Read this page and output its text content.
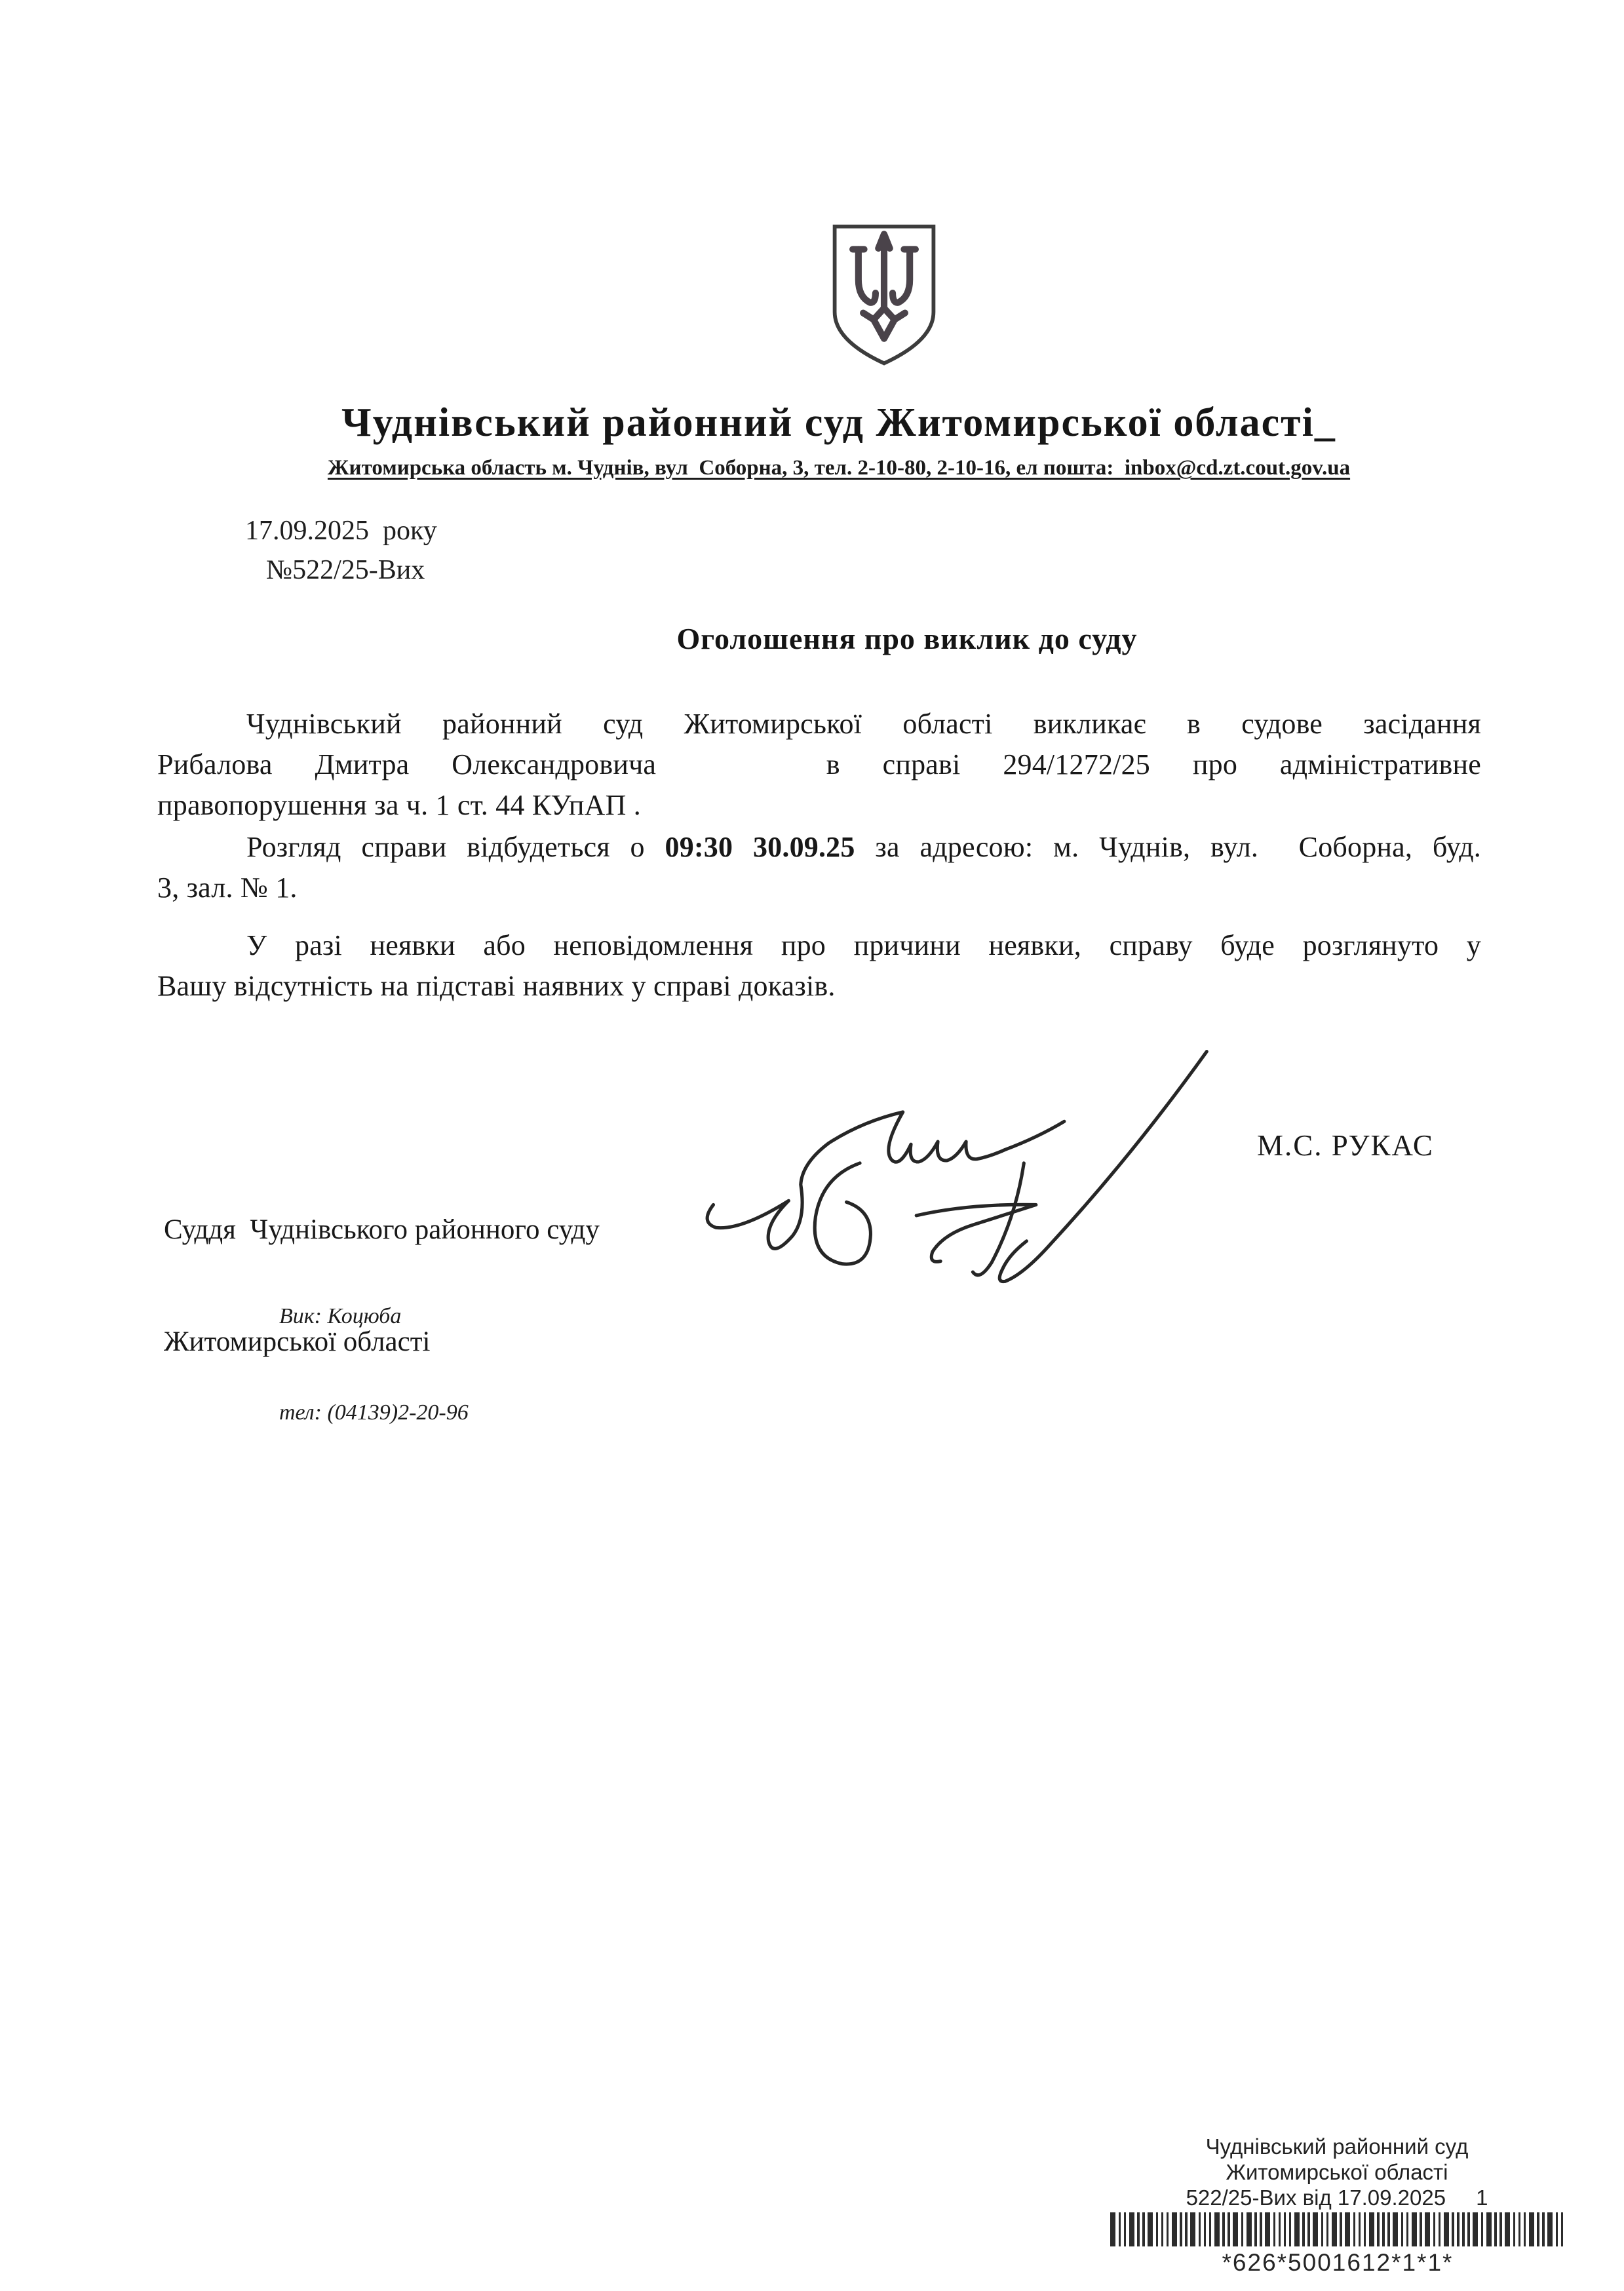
Чуднівський районний суд Житомирської області_
Житомирська область м. Чуднів, вул  Соборна, 3, тел. 2-10-80, 2-10-16, ел пошта:  inbox@cd.zt.cout.gov.ua
17.09.2025  року
№522/25-Вих
Оголошення про виклик до суду
Чуднівський районний суд Житомирської області викликає в судове засідання
Рибалова Дмитра Олександровича    в справі 294/1272/25 про адміністративне
правопорушення за ч. 1 ст. 44 КУпАП .
Розгляд справи відбудеться о 09:30 30.09.25 за адресою: м. Чуднів, вул.  Соборна, буд.
3, зал. № 1.
У разі неявки або неповідомлення про причини неявки, справу буде розглянуто у
Вашу відсутність на підставі наявних у справі доказів.

Суддя  Чуднівського районного суду

Житомирської області

М.С. РУКАС

Вик: Коцюба

тел: (04139)2-20-96

Чуднівський районний суд
Житомирської області
522/25-Вих від 17.09.2025 1
*626*5001612*1*1*
